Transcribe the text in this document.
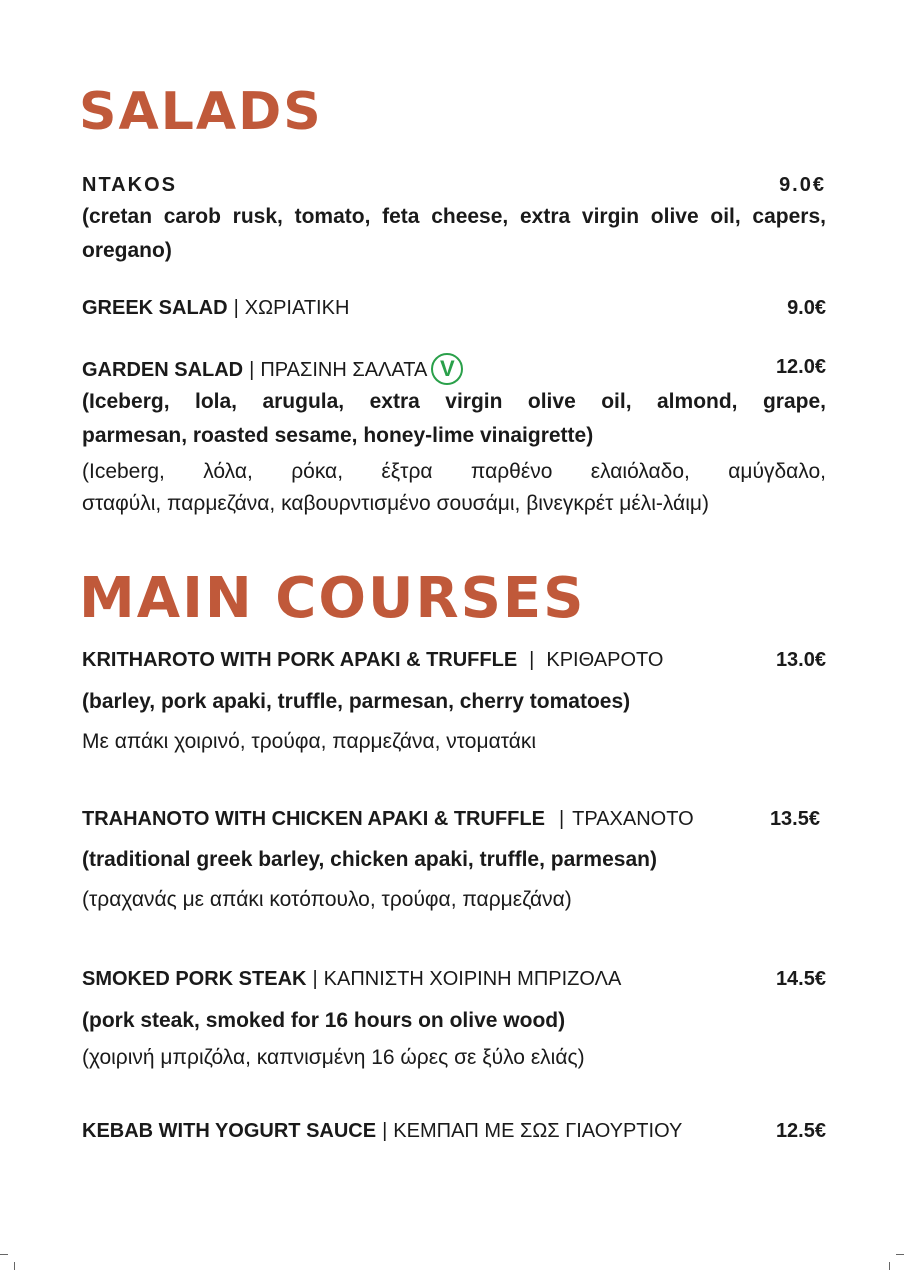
SALADS
NTAKOS	9.0€
(cretan carob rusk, tomato, feta cheese, extra virgin olive oil, capers,
oregano)
GREEK SALAD | ΧΩΡΙΑΤΙΚΗ	9.0€
GARDEN SALAD | ΠΡΑΣΙΝΗ ΣΑΛΑΤΑ V	12.0€
(Iceberg, lola, arugula, extra virgin olive oil, almond, grape,
parmesan, roasted sesame, honey-lime vinaigrette)
(Iceberg, λόλα, ρόκα, έξτρα παρθένο ελαιόλαδο, αμύγδαλο,
σταφύλι, παρμεζάνα, καβουρντισμένο σουσάμι, βινεγκρέτ μέλι-λάιμ)
MAIN COURSES
KRITHAROTO WITH PORK APAKI & TRUFFLE | ΚΡΙΘΑΡΟΤΟ	13.0€
(barley, pork apaki, truffle, parmesan, cherry tomatoes)
Με απάκι χοιρινό, τρούφα, παρμεζάνα, ντοματάκι
TRAHANOTO WITH CHICKEN APAKI & TRUFFLE | ΤΡΑΧΑΝΟΤΟ	13.5€
(traditional greek barley, chicken apaki, truffle, parmesan)
(τραχανάς με απάκι κοτόπουλο, τρούφα, παρμεζάνα)
SMOKED PORK STEAK | ΚΑΠΝΙΣΤΗ ΧΟΙΡΙΝΗ ΜΠΡΙΖΟΛΑ	14.5€
(pork steak, smoked for 16 hours on olive wood)
(χοιρινή μπριζόλα, καπνισμένη 16 ώρες σε ξύλο ελιάς)
KEBAB WITH YOGURT SAUCE | ΚΕΜΠΑΠ ΜΕ ΣΩΣ ΓΙΑΟΥΡΤΙΟΥ	12.5€
